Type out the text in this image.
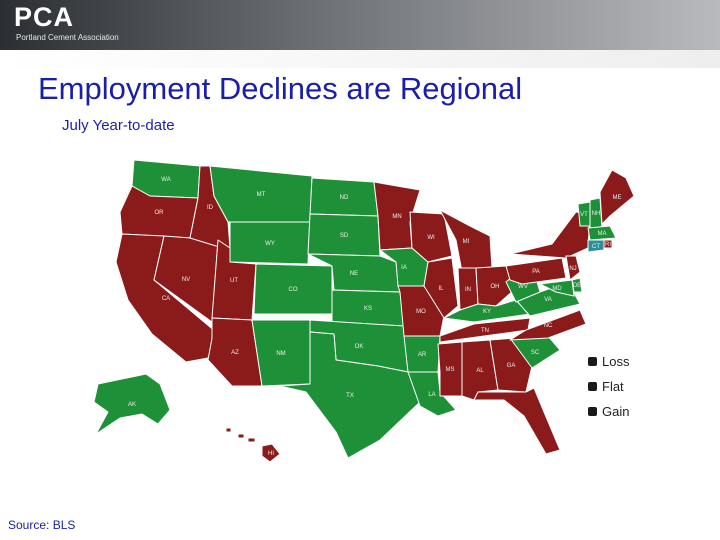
PCA
Portland Cement Association
Employment Declines are Regional
July Year-to-date
WA
OR
CA
NV
ID
MT
WY
UT
AZ
CO
NM
ND
SD
NE
KS
OK
TX
MN
IA
MO
AR
LA
WI
IL
MI
IN	OH
KY
TN
MS	AL
GA
FL
SC
NC
VA
WV
PA
NY
VT NH
ME
MA
RI
CT
NJ
DE
MD
AK
HI
Loss
Flat
Gain
Source: BLS
